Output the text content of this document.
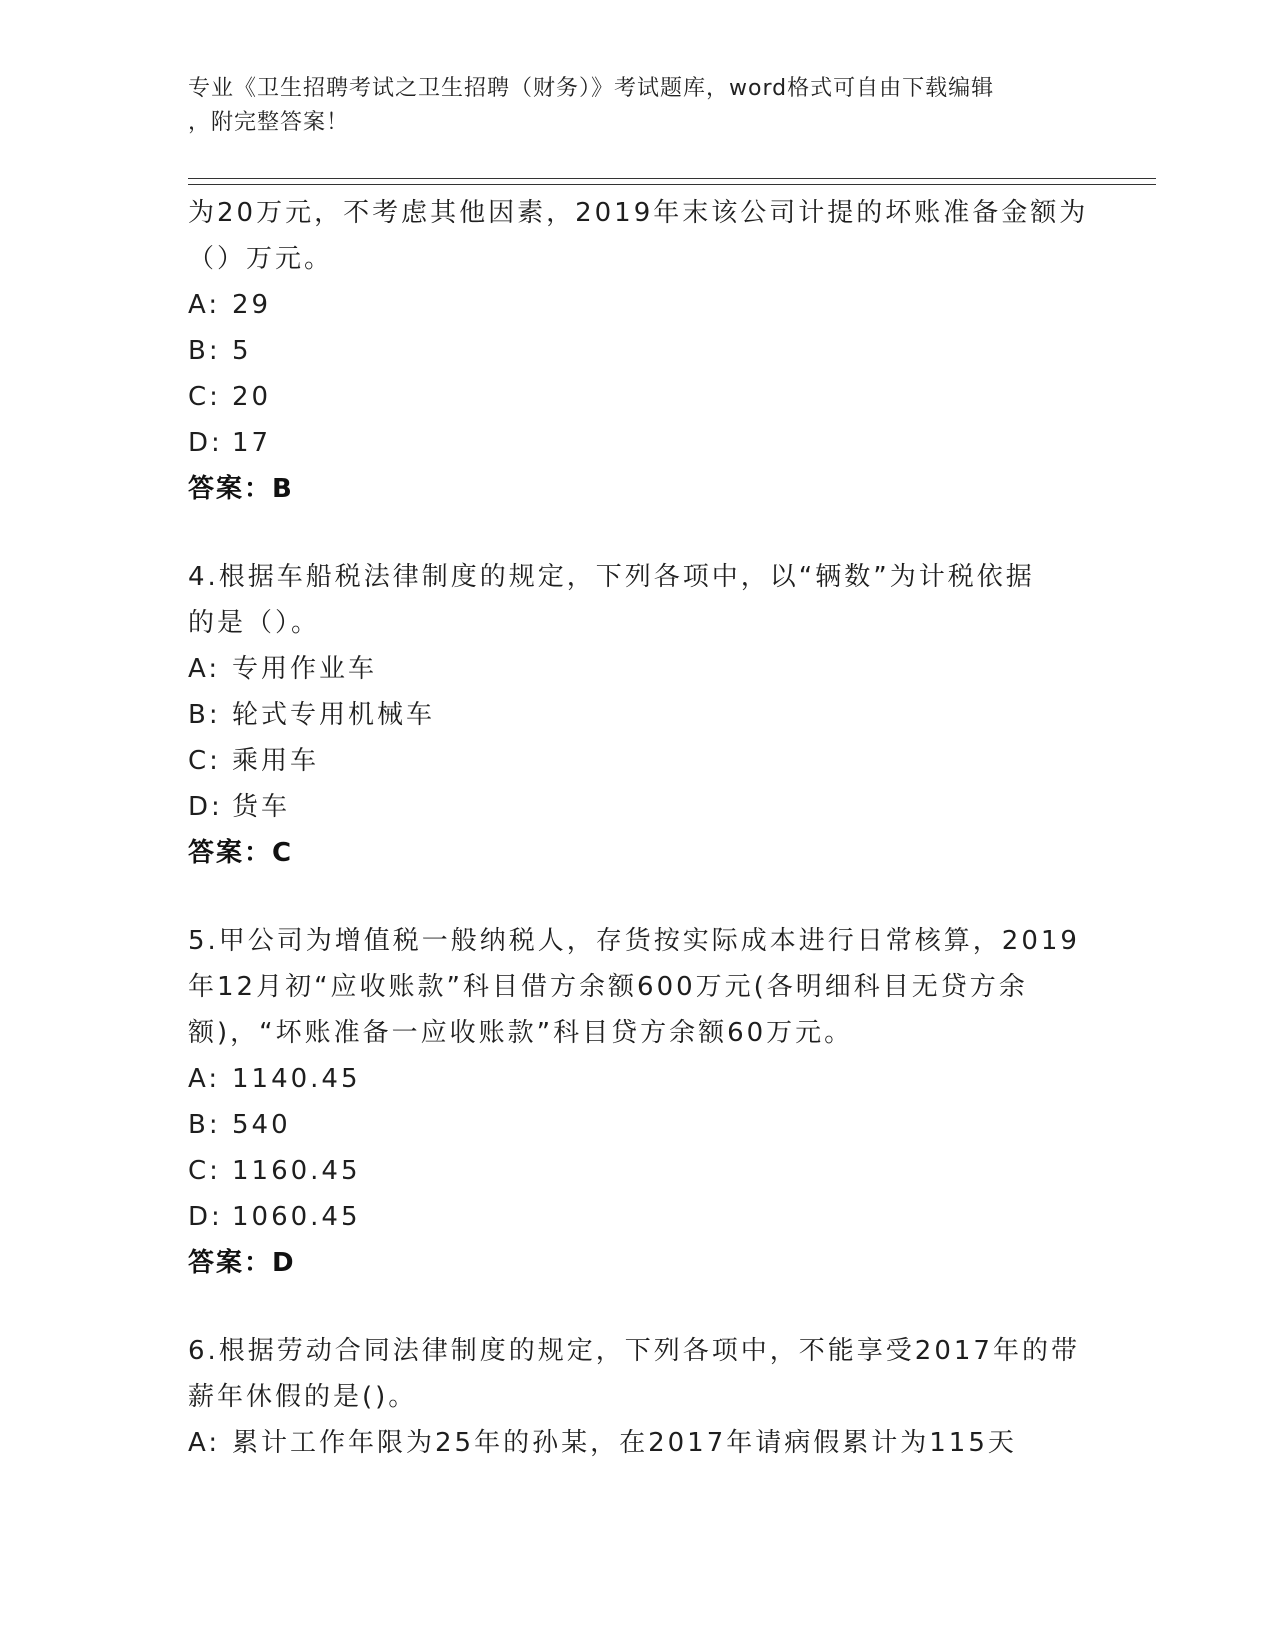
专业《卫生招聘考试之卫生招聘（财务）》考试题库，word格式可自由下载编辑
，附完整答案！
为20万元，不考虑其他因素，2019年末该公司计提的坏账准备金额为
（）万元。
A: 29
B: 5
C: 20
D: 17
答案：B
4.根据车船税法律制度的规定，下列各项中，以“辆数”为计税依据
的是（）。
A: 专用作业车
B: 轮式专用机械车
C: 乘用车
D: 货车
答案：C
5.甲公司为增值税一般纳税人，存货按实际成本进行日常核算，2019
年12月初“应收账款”科目借方余额600万元(各明细科目无贷方余
额)，“坏账准备一应收账款”科目贷方余额60万元。
A: 1140.45
B: 540
C: 1160.45
D: 1060.45
答案：D
6.根据劳动合同法律制度的规定，下列各项中，不能享受2017年的带
薪年休假的是()。
A: 累计工作年限为25年的孙某，在2017年请病假累计为115天
